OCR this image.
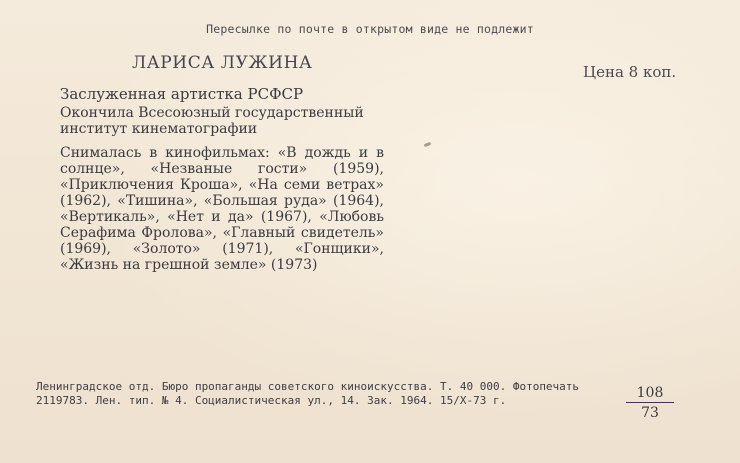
Пересылке по почте в открытом виде не подлежит
ЛАРИСА ЛУЖИНА	Цена 8 коп.
Заслуженная артистка РСФСР
Окончила Всесоюзный государственный институт кинематографии
Снималась в кинофильмах: «В дождь и в солнце», «Незваные гости» (1959), «Приключения Кроша», «На семи ветрах» (1962), «Тишина», «Большая руда» (1964), «Вертикаль», «Нет и да» (1967), «Любовь Серафима Фролова», «Главный свидетель» (1969), «Золото» (1971), «Гонщики», «Жизнь на грешной земле» (1973)
Ленинградское отд. Бюро пропаганды советского киноискусства. Т. 40 000. Фотопечать
2119783. Лен. тип. № 4. Социалистическая ул., 14. Зак. 1964. 15/X-73 г.	$\frac{108}{73}$
